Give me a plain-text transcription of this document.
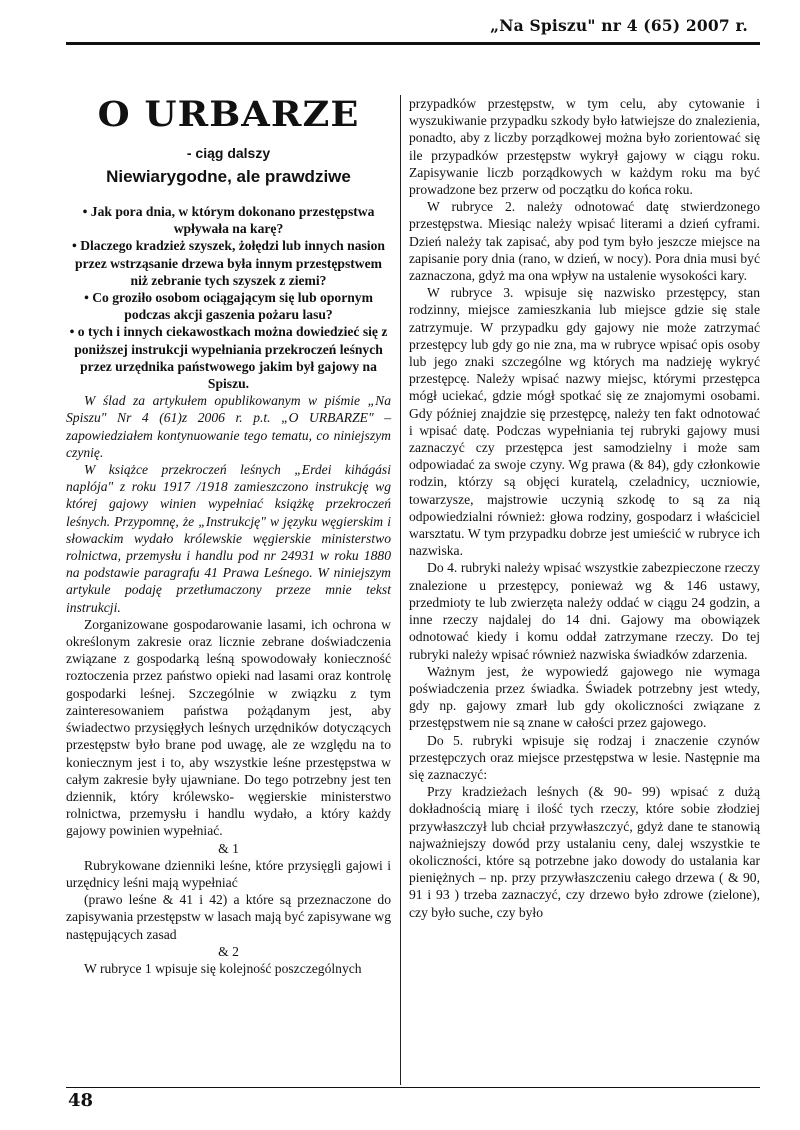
„Na Spiszu" nr 4 (65) 2007 r.
O URBARZE
- ciąg dalszy
Niewiarygodne, ale prawdziwe

• Jak pora dnia, w którym dokonano przestępstwa wpływała na karę?

• Dlaczego kradzież szyszek, żołędzi lub innych nasion przez wstrząsanie drzewa była innym przestępstwem niż zebranie tych szyszek z ziemi?

• Co groziło osobom ociągającym się lub opornym podczas akcji gaszenia pożaru lasu?

• o tych i innych ciekawostkach można dowiedzieć się z poniższej instrukcji wypełniania przekroczeń leśnych przez urzędnika państwowego jakim był gajowy na Spiszu.

W ślad za artykułem opublikowanym w piśmie „Na Spiszu" Nr 4 (61)z 2006 r. p.t. „O URBARZE" – zapowiedziałem kontynuowanie tego tematu, co niniejszym czynię.

W książce przekroczeń leśnych „Erdei kihágási naplója" z roku 1917 /1918 zamieszczono instrukcję wg której gajowy winien wypełniać książkę przekroczeń leśnych. Przypomnę, że „Instrukcję" w języku węgierskim i słowackim wydało królewskie węgierskie ministerstwo rolnictwa, przemysłu i handlu pod nr 24931 w roku 1880 na podstawie paragrafu 41 Prawa Leśnego. W niniejszym artykule podaję przetłumaczony przeze mnie tekst instrukcji.

Zorganizowane gospodarowanie lasami, ich ochrona w określonym zakresie oraz licznie zebrane doświadczenia związane z gospodarką leśną spowodowały konieczność roztoczenia przez państwo opieki nad lasami oraz kontrolę gospodarki leśnej. Szczególnie w związku z tym zainteresowaniem państwa pożądanym jest, aby świadectwo przysięgłych leśnych urzędników dotyczących przestępstw było brane pod uwagę, ale ze względu na to koniecznym jest i to, aby wszystkie leśne przestępstwa w całym zakresie były ujawniane. Do tego potrzebny jest ten dziennik, który królewsko- węgierskie ministerstwo rolnictwa, przemysłu i handlu wydało, a który każdy gajowy powinien wypełniać.

& 1

Rubrykowane dzienniki leśne, które przysięgli gajowi i urzędnicy leśni mają wypełniać

(prawo leśne & 41 i 42) a które są przeznaczone do zapisywania przestępstw w lasach mają być zapisywane wg następujących zasad

& 2

W rubryce 1 wpisuje się kolejność poszczególnych

przypadków przestępstw, w tym celu, aby cytowanie i wyszukiwanie przypadku szkody było łatwiejsze do znalezienia, ponadto, aby z liczby porządkowej można było zorientować się ile przypadków przestępstw wykrył gajowy w ciągu roku. Zapisywanie liczb porządkowych w każdym roku ma być prowadzone bez przerw od początku do końca roku.

W rubryce 2. należy odnotować datę stwierdzonego przestępstwa. Miesiąc należy wpisać literami a dzień cyframi. Dzień należy tak zapisać, aby pod tym było jeszcze miejsce na zapisanie pory dnia (rano, w dzień, w nocy). Pora dnia musi być zaznaczona, gdyż ma ona wpływ na ustalenie wysokości kary.

W rubryce 3. wpisuje się nazwisko przestępcy, stan rodzinny, miejsce zamieszkania lub miejsce gdzie się stale zatrzymuje. W przypadku gdy gajowy nie może zatrzymać przestępcy lub gdy go nie zna, ma w rubryce wpisać opis osoby lub jego znaki szczególne wg których ma nadzieję wykryć przestępcę. Należy wpisać nazwy miejsc, którymi przestępca mógł uciekać, gdzie mógł spotkać się ze znajomymi osobami. Gdy później znajdzie się przestępcę, należy ten fakt odnotować i wpisać datę. Podczas wypełniania tej rubryki gajowy musi zaznaczyć czy przestępca jest samodzielny i może sam odpowiadać za swoje czyny. Wg prawa (& 84), gdy członkowie rodzin, którzy są objęci kuratelą, czeladnicy, uczniowie, towarzysze, majstrowie uczynią szkodę to są za nią odpowiedzialni również: głowa rodziny, gospodarz i właściciel warsztatu. W tym przypadku dobrze jest umieścić w rubryce ich nazwiska.

Do 4. rubryki należy wpisać wszystkie zabezpieczone rzeczy znalezione u przestępcy, ponieważ wg & 146 ustawy, przedmioty te lub zwierzęta należy oddać w ciągu 24 godzin, a inne rzeczy najdalej do 14 dni. Gajowy ma obowiązek odnotować kiedy i komu oddał zatrzymane rzeczy. Do tej rubryki należy wpisać również nazwiska świadków zdarzenia.

Ważnym jest, że wypowiedź gajowego nie wymaga poświadczenia przez świadka. Świadek potrzebny jest wtedy, gdy np. gajowy zmarł lub gdy okoliczności związane z przestępstwem nie są znane w całości przez gajowego.

Do 5. rubryki wpisuje się rodzaj i znaczenie czynów przestępczych oraz miejsce przestępstwa w lesie. Następnie ma się zaznaczyć:

Przy kradzieżach leśnych (& 90- 99) wpisać z dużą dokładnością miarę i ilość tych rzeczy, które sobie złodziej przywłaszczył lub chciał przywłaszczyć, gdyż dane te stanowią najważniejszy dowód przy ustalaniu ceny, dalej wszystkie te okoliczności, które są potrzebne jako dowody do ustalania kar pieniężnych – np. przy przywłaszczeniu całego drzewa ( & 90, 91 i 93 ) trzeba zaznaczyć, czy drzewo było zdrowe (zielone), czy było suche, czy było

48
